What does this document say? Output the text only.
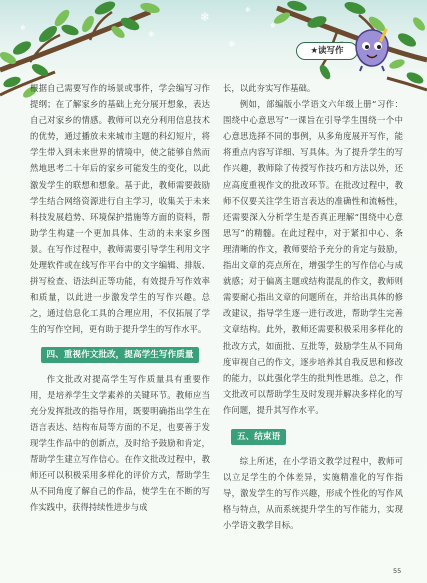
❄
❄
❄
❄
❄
❄
★读写作

根据自己需要写作的场景或事件，学会编写习作提纲；在了解家乡的基础上充分展开想象，表达自己对家乡的情感。教师可以充分利用信息技术的优势，通过播放未来城市主题的科幻短片，将学生带入到未来世界的情境中，使之能够自然而然地思考二十年后的家乡可能发生的变化，以此激发学生的联想和想象。基于此，教师需要鼓励学生结合网络资源进行自主学习，收集关于未来科技发展趋势、环境保护措施等方面的资料，帮助学生构建一个更加具体、生动的未来家乡图景。在写作过程中，教师需要引导学生利用文字处理软件或在线写作平台中的文字编辑、排版、拼写检查、语法纠正等功能，有效提升写作效率和质量，以此进一步激发学生的写作兴趣。总之，通过信息化工具的合理应用，不仅拓展了学生的写作空间，更有助于提升学生的写作水平。

四、重视作文批改，提高学生写作质量

作文批改对提高学生写作质量具有重要作用，是培养学生文学素养的关键环节。教师应当充分发挥批改的指导作用，既要明确指出学生在语言表达、结构布局等方面的不足，也要善于发现学生作品中的创新点，及时给予鼓励和肯定，帮助学生建立写作信心。在作文批改过程中，教师还可以积极采用多样化的评价方式，帮助学生从不同角度了解自己的作品，使学生在不断的写作实践中，获得持续性进步与成

长，以此夯实写作基础。

例如，部编版小学语文六年级上册“习作：围绕中心意思写”一课旨在引导学生围绕一个中心意思选择不同的事例，从多角度展开写作，能将重点内容写详细、写具体。为了提升学生的写作兴趣，教师除了传授写作技巧和方法以外，还应高度重视作文的批改环节。在批改过程中，教师不仅要关注学生语言表达的准确性和流畅性，还需要深入分析学生是否真正理解“围绕中心意思写”的精髓。在此过程中，对于紧扣中心、条理清晰的作文，教师要给予充分的肯定与鼓励，指出文章的亮点所在，增强学生的写作信心与成就感；对于偏离主题或结构混乱的作文，教师则需要耐心指出文章的问题所在，并给出具体的修改建议，指导学生逐一进行改进，帮助学生完善文章结构。此外，教师还需要积极采用多样化的批改方式，如面批、互批等，鼓励学生从不同角度审视自己的作文，逐步培养其自我反思和修改的能力，以此强化学生的批判性思维。总之，作文批改可以帮助学生及时发现并解决多样化的写作问题，提升其写作水平。

五、结束语

综上所述，在小学语文教学过程中，教师可以立足学生的个体差异，实施精准化的写作指导，激发学生的写作兴趣，形成个性化的写作风格与特点，从而系统提升学生的写作能力，实现小学语文教学目标。

55
